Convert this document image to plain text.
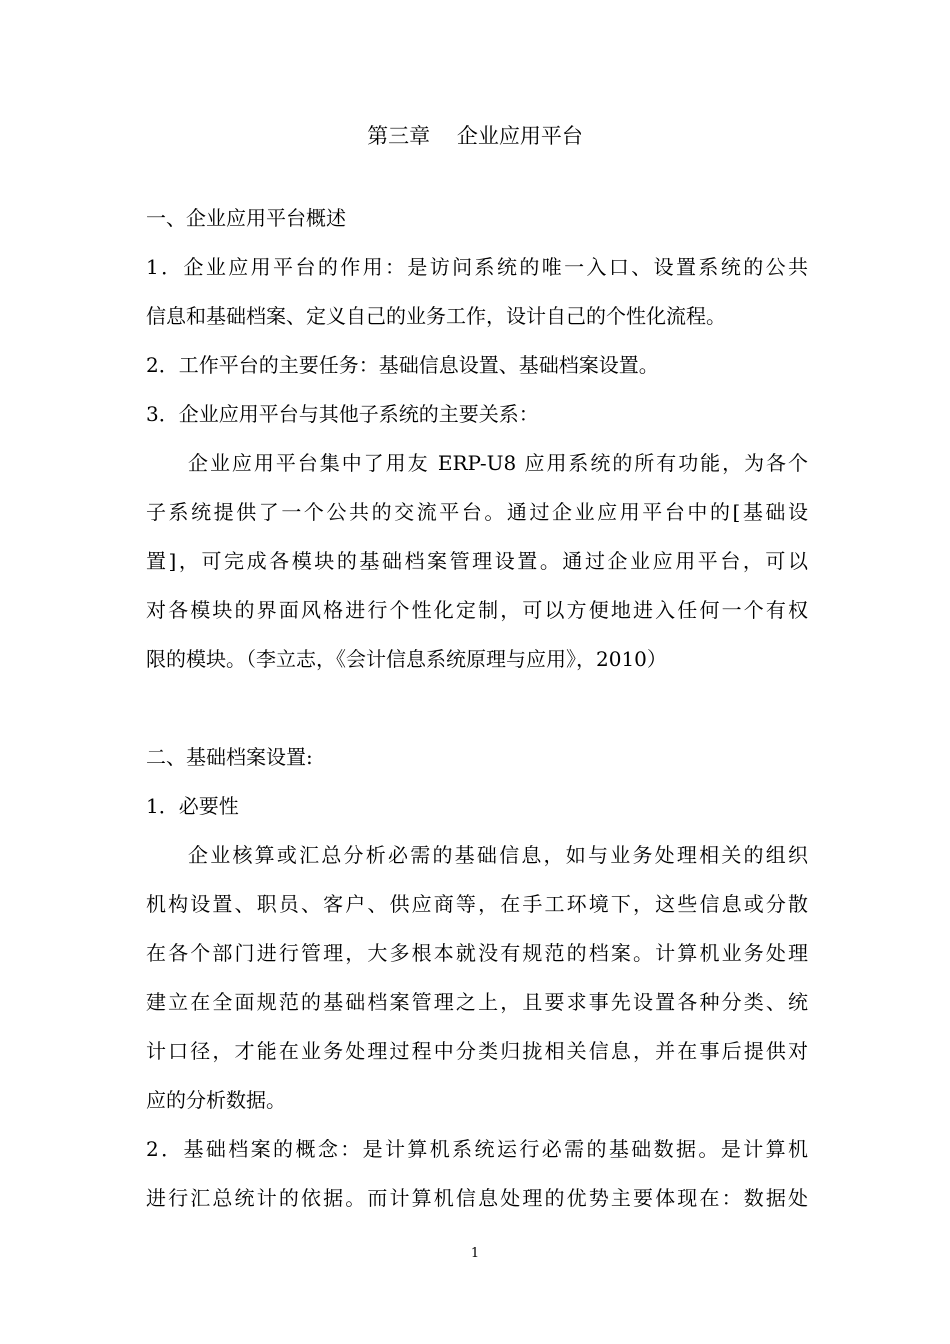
第三章    企业应用平台

一、企业应用平台概述

1．企业应用平台的作用：是访问系统的唯一入口、设置系统的公共

信息和基础档案、定义自己的业务工作，设计自己的个性化流程。

2．工作平台的主要任务：基础信息设置、基础档案设置。

3．企业应用平台与其他子系统的主要关系：

企业应用平台集中了用友 ERP-U8 应用系统的所有功能，为各个

子系统提供了一个公共的交流平台。通过企业应用平台中的[基础设

置]，可完成各模块的基础档案管理设置。通过企业应用平台，可以

对各模块的界面风格进行个性化定制，可以方便地进入任何一个有权

限的模块。（李立志，《会计信息系统原理与应用》，2010）

二、基础档案设置:

1．必要性

企业核算或汇总分析必需的基础信息，如与业务处理相关的组织

机构设置、职员、客户、供应商等，在手工环境下，这些信息或分散

在各个部门进行管理，大多根本就没有规范的档案。计算机业务处理

建立在全面规范的基础档案管理之上，且要求事先设置各种分类、统

计口径，才能在业务处理过程中分类归拢相关信息，并在事后提供对

应的分析数据。

2．基础档案的概念：是计算机系统运行必需的基础数据。是计算机

进行汇总统计的依据。而计算机信息处理的优势主要体现在：数据处

1
